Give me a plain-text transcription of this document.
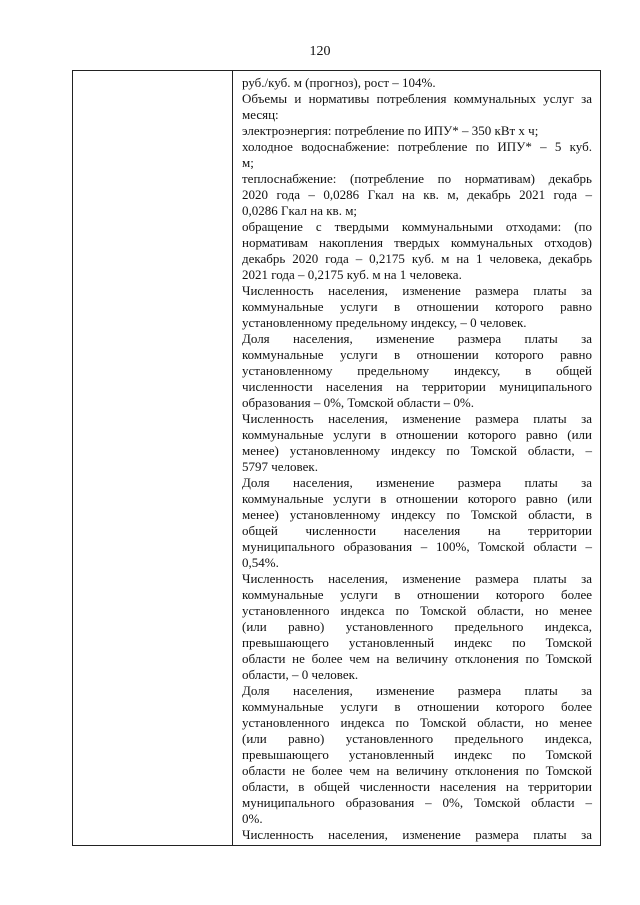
120
руб./куб. м (прогноз), рост – 104%.
Объемы и нормативы потребления коммунальных услуг за
месяц:
электроэнергия: потребление по ИПУ* – 350 кВт х ч;
холодное водоснабжение: потребление по ИПУ* – 5 куб.
м;
теплоснабжение: (потребление по нормативам) декабрь
2020 года – 0,0286 Гкал на кв. м, декабрь 2021 года –
0,0286 Гкал на кв. м;
обращение с твердыми коммунальными отходами: (по
нормативам накопления твердых коммунальных отходов)
декабрь 2020 года – 0,2175 куб. м на 1 человека, декабрь
2021 года – 0,2175 куб. м на 1 человека.
Численность населения, изменение размера платы за
коммунальные услуги в отношении которого равно
установленному предельному индексу, – 0 человек.
Доля населения, изменение размера платы за
коммунальные услуги в отношении которого равно
установленному предельному индексу, в общей
численности населения на территории муниципального
образования – 0%, Томской области – 0%.
Численность населения, изменение размера платы за
коммунальные услуги в отношении которого равно (или
менее) установленному индексу по Томской области, –
5797 человек.
Доля населения, изменение размера платы за
коммунальные услуги в отношении которого равно (или
менее) установленному индексу по Томской области, в
общей численности населения на территории
муниципального образования – 100%, Томской области –
0,54%.
Численность населения, изменение размера платы за
коммунальные услуги в отношении которого более
установленного индекса по Томской области, но менее
(или равно) установленного предельного индекса,
превышающего установленный индекс по Томской
области не более чем на величину отклонения по Томской
области, – 0 человек.
Доля населения, изменение размера платы за
коммунальные услуги в отношении которого более
установленного индекса по Томской области, но менее
(или равно) установленного предельного индекса,
превышающего установленный индекс по Томской
области не более чем на величину отклонения по Томской
области, в общей численности населения на территории
муниципального образования – 0%, Томской области –
0%.
Численность населения, изменение размера платы за
